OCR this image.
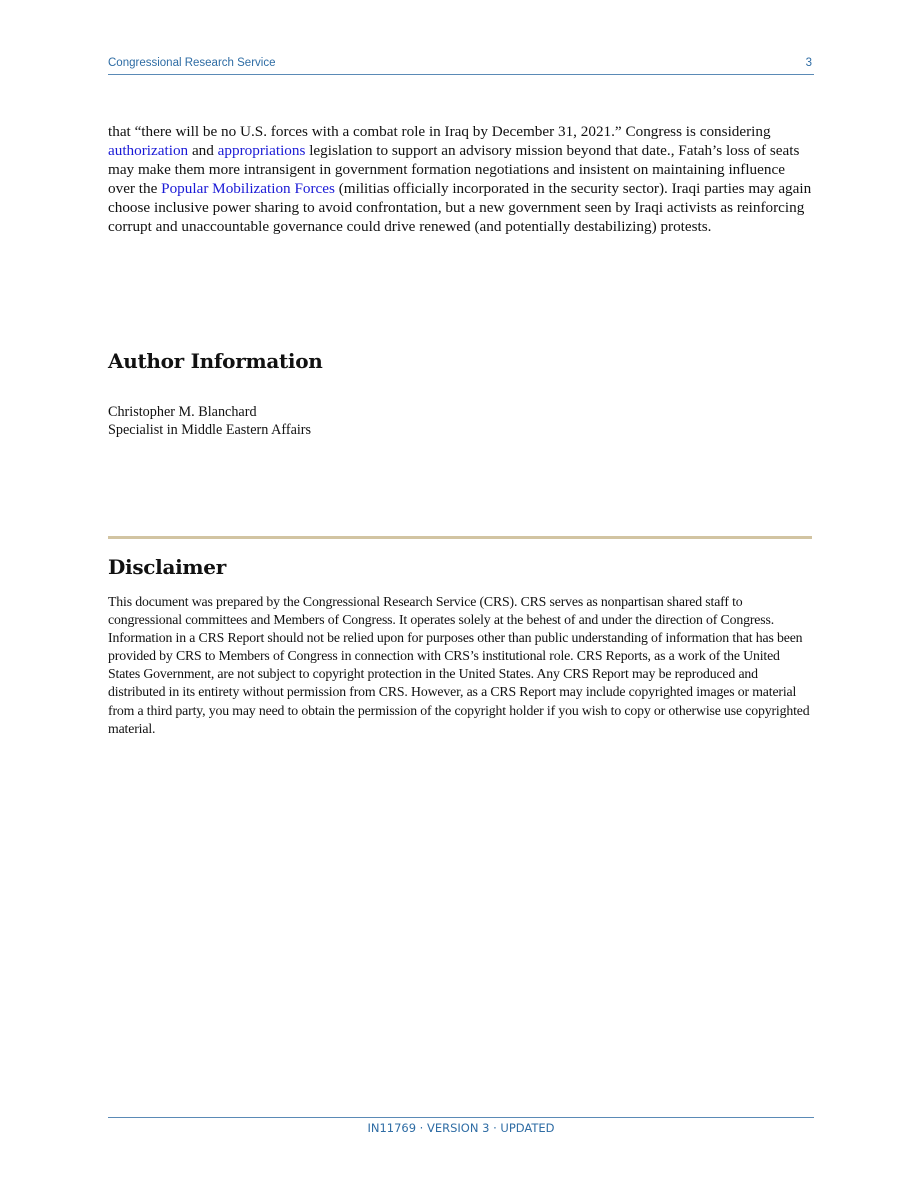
Congressional Research Service	3

that “there will be no U.S. forces with a combat role in Iraq by December 31, 2021.” Congress is considering authorization and appropriations legislation to support an advisory mission beyond that date., Fatah’s loss of seats may make them more intransigent in government formation negotiations and insistent on maintaining influence over the Popular Mobilization Forces (militias officially incorporated in the security sector). Iraqi parties may again choose inclusive power sharing to avoid confrontation, but a new government seen by Iraqi activists as reinforcing corrupt and unaccountable governance could drive renewed (and potentially destabilizing) protests.

Author Information
Christopher M. Blanchard
Specialist in Middle Eastern Affairs
Disclaimer

This document was prepared by the Congressional Research Service (CRS). CRS serves as nonpartisan shared staff to congressional committees and Members of Congress. It operates solely at the behest of and under the direction of Congress. Information in a CRS Report should not be relied upon for purposes other than public understanding of information that has been provided by CRS to Members of Congress in connection with CRS’s institutional role. CRS Reports, as a work of the United States Government, are not subject to copyright protection in the United States. Any CRS Report may be reproduced and distributed in its entirety without permission from CRS. However, as a CRS Report may include copyrighted images or material from a third party, you may need to obtain the permission of the copyright holder if you wish to copy or otherwise use copyrighted material.

IN11769 · VERSION 3 · UPDATED
